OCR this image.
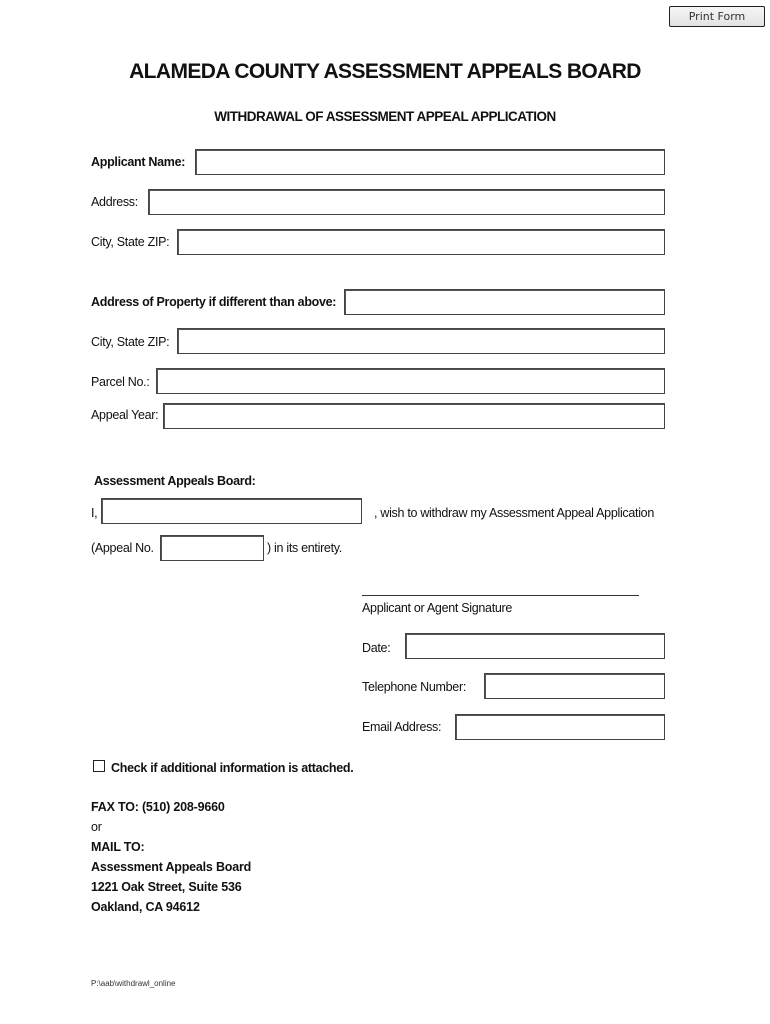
Print Form
ALAMEDA COUNTY ASSESSMENT APPEALS BOARD
WITHDRAWAL OF ASSESSMENT APPEAL APPLICATION
Applicant Name:
Address:
City, State ZIP:
Address of Property if different than above:
City, State ZIP:
Parcel No.:
Appeal Year:
Assessment Appeals Board:
I,	, wish to withdraw my Assessment Appeal Application
(Appeal No.	) in its entirety.
Applicant or Agent Signature
Date:
Telephone Number:
Email Address:
Check if additional information is attached.
FAX TO: (510) 208-9660
or
MAIL TO:
Assessment Appeals Board
1221 Oak Street, Suite 536
Oakland, CA 94612
P:\aab\withdrawl_online
